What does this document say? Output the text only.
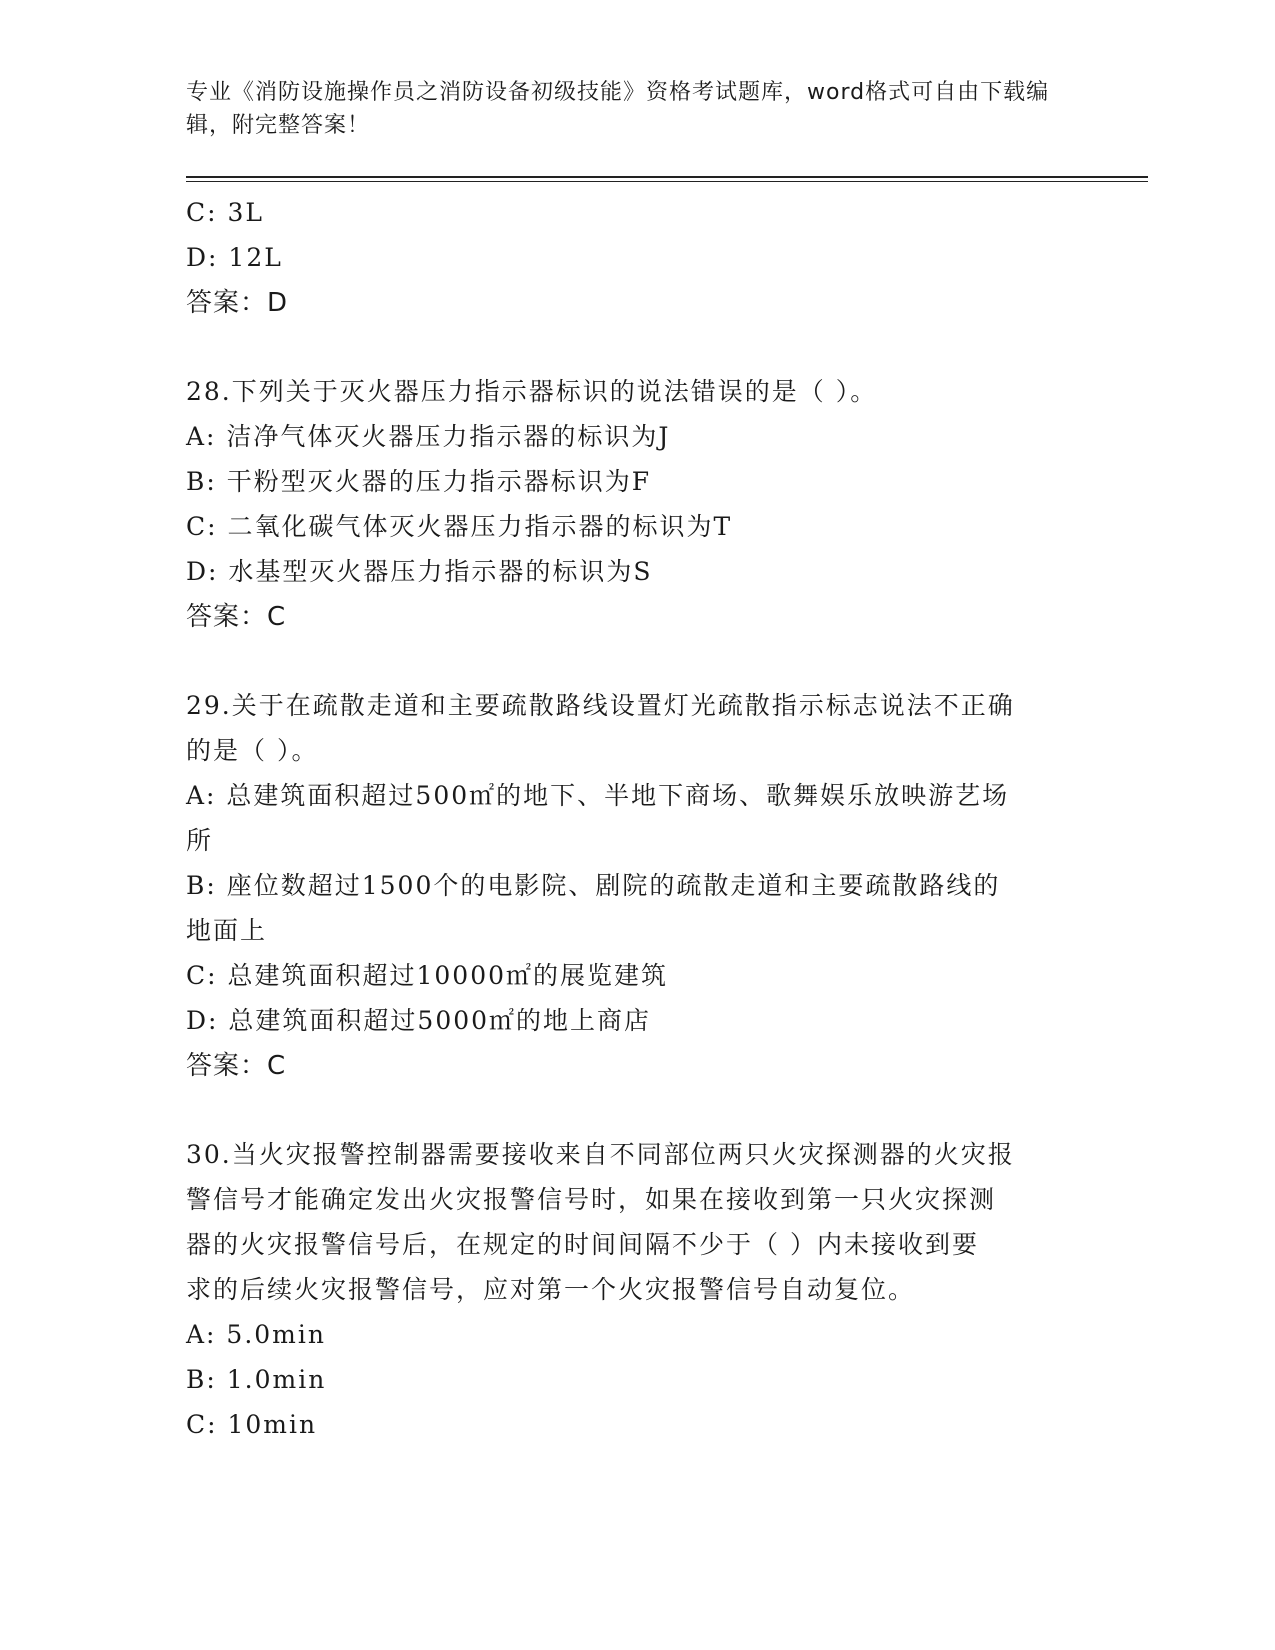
专业《消防设施操作员之消防设备初级技能》资格考试题库，word格式可自由下载编辑，附完整答案！

C: 3L

D: 12L

答案：D

28.下列关于灭火器压力指示器标识的说法错误的是（ ）。

A: 洁净气体灭火器压力指示器的标识为J

B: 干粉型灭火器的压力指示器标识为F

C: 二氧化碳气体灭火器压力指示器的标识为T

D: 水基型灭火器压力指示器的标识为S

答案：C

29.关于在疏散走道和主要疏散路线设置灯光疏散指示标志说法不正确

的是（ ）。

A: 总建筑面积超过500㎡的地下、半地下商场、歌舞娱乐放映游艺场

所

B: 座位数超过1500个的电影院、剧院的疏散走道和主要疏散路线的

地面上

C: 总建筑面积超过10000㎡的展览建筑

D: 总建筑面积超过5000㎡的地上商店

答案：C

30.当火灾报警控制器需要接收来自不同部位两只火灾探测器的火灾报

警信号才能确定发出火灾报警信号时，如果在接收到第一只火灾探测

器的火灾报警信号后，在规定的时间间隔不少于（ ）内未接收到要

求的后续火灾报警信号，应对第一个火灾报警信号自动复位。

A: 5.0min

B: 1.0min

C: 10min
